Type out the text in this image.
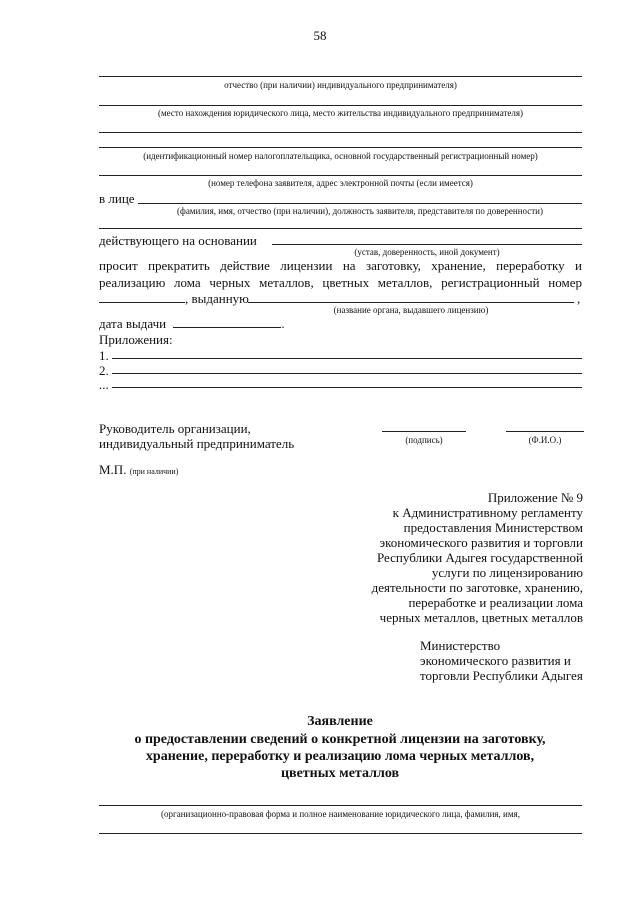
58
отчество (при наличии) индивидуального предпринимателя)
(место нахождения юридического лица, место жительства индивидуального предпринимателя)
(идентификационный номер налогоплательщика, основной государственный регистрационный номер)
(номер телефона заявителя, адрес электронной почты (если имеется)
в лице
(фамилия, имя, отчество (при наличии), должность заявителя, представителя по доверенности)
действующего на основании
(устав, доверенность, иной документ)
просит прекратить действие лицензии на заготовку, хранение, переработку и
реализацию лома черных металлов, цветных металлов, регистрационный номер
, выданную	,
(название органа, выдавшего лицензию)
дата выдачи	.
Приложения:
1.
2.
...
Руководитель организации,
индивидуальный предприниматель	(подпись)	(Ф.И.О.)
М.П. (при наличии)
Приложение № 9
к Административному регламенту
предоставления Министерством
экономического развития и торговли
Республики Адыгея государственной
услуги по лицензированию
деятельности по заготовке, хранению,
переработке и реализации лома
черных металлов, цветных металлов
Министерство
экономического развития и
торговли Республики Адыгея
Заявление
о предоставлении сведений о конкретной лицензии на заготовку,
хранение, переработку и реализацию лома черных металлов,
цветных металлов
(организационно-правовая форма и полное наименование юридического лица, фамилия, имя,
